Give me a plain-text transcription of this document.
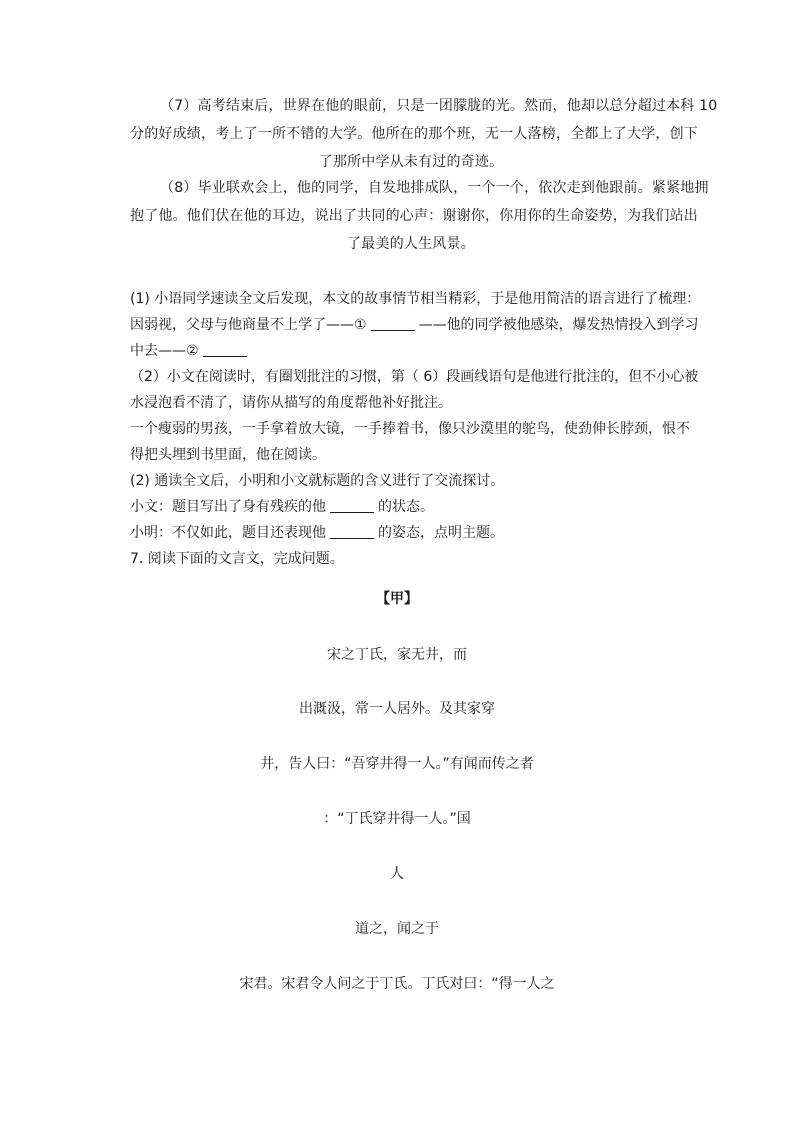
（7）高考结束后，世界在他的眼前，只是一团朦胧的光。然而，他却以总分超过本科 10
分的好成绩，考上了一所不错的大学。他所在的那个班，无一人落榜，全都上了大学，创下
了那所中学从未有过的奇迹。
（8）毕业联欢会上，他的同学，自发地排成队，一个一个，依次走到他跟前。紧紧地拥
抱了他。他们伏在他的耳边，说出了共同的心声：谢谢你，你用你的生命姿势，为我们站出
了最美的人生风景。
(1) 小语同学速读全文后发现，本文的故事情节相当精彩，于是他用简洁的语言进行了梳理：
因弱视，父母与他商量不上学了——①	——他的同学被他感染，爆发热情投入到学习
中去——②
（2）小文在阅读时，有圈划批注的习惯，第（ 6）段画线语句是他进行批注的，但不小心被
水浸泡看不清了，请你从描写的角度帮他补好批注。
一个瘦弱的男孩，一手拿着放大镜，一手捧着书，像只沙漠里的鸵鸟，使劲伸长脖颈，恨不
得把头埋到书里面，他在阅读。
(2) 通读全文后，小明和小文就标题的含义进行了交流探讨。
小文：题目写出了身有残疾的他	的状态。
小明：不仅如此，题目还表现他	的姿态，点明主题。
7. 阅读下面的文言文，完成问题。
【甲】
宋之丁氏，家无井，而
出溉汲，常一人居外。及其家穿
井，告人曰：“吾穿井得一人。”有闻而传之者
：“丁氏穿井得一人。”国
人
道之，闻之于
宋君。宋君令人问之于丁氏。丁氏对曰：“得一人之
